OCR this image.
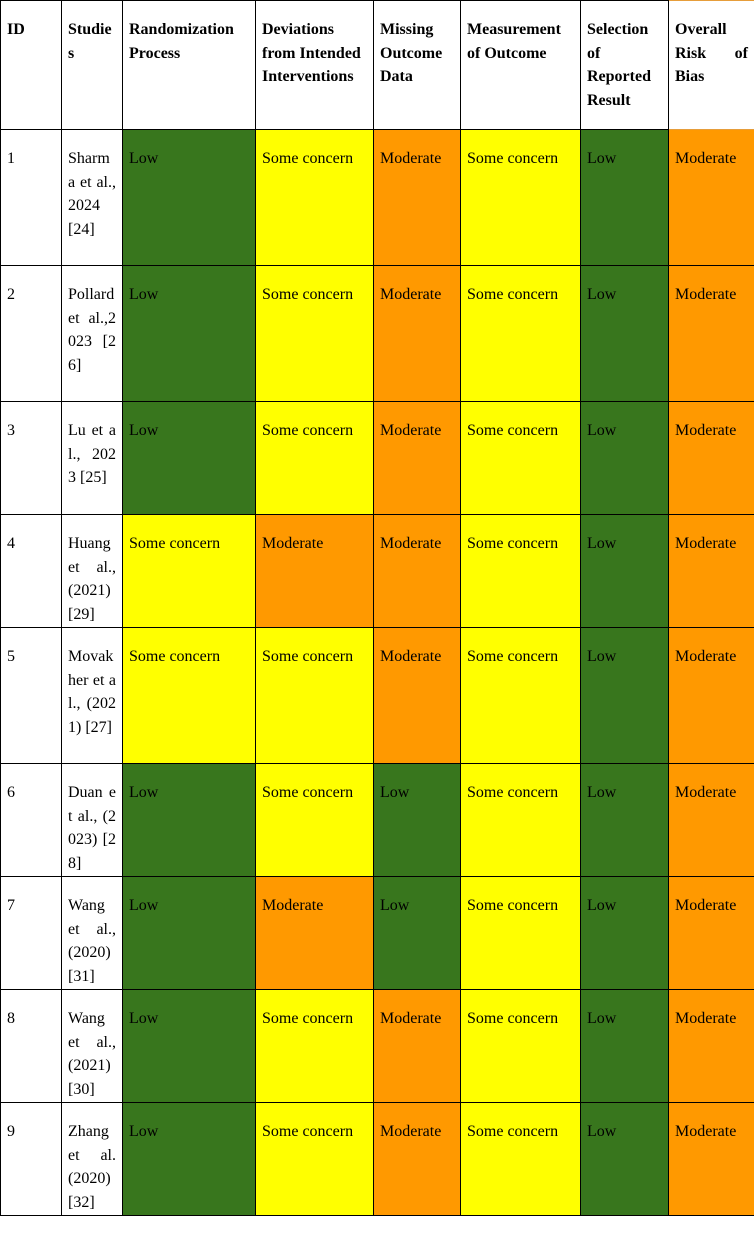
ID	Studies	Randomization Process	Deviations from Intended Interventions	Missing Outcome Data	Measurement of Outcome	Selection of Reported Result	Overall Risk of Bias
1	Sharma et al., 2024 [24]	Low	Some concern	Moderate	Some concern	Low	Moderate
2	Pollard et al.,2023 [26]	Low	Some concern	Moderate	Some concern	Low	Moderate
3	Lu et al., 2023 [25]	Low	Some concern	Moderate	Some concern	Low	Moderate
4	Huang et al., (2021) [29]	Some concern	Moderate	Moderate	Some concern	Low	Moderate
5	Movakher et al., (2021) [27]	Some concern	Some concern	Moderate	Some concern	Low	Moderate
6	Duan et al., (2023) [28]	Low	Some concern	Low	Some concern	Low	Moderate
7	Wang et al., (2020) [31]	Low	Moderate	Low	Some concern	Low	Moderate
8	Wang et al., (2021) [30]	Low	Some concern	Moderate	Some concern	Low	Moderate
9	Zhang et al. (2020) [32]	Low	Some concern	Moderate	Some concern	Low	Moderate
